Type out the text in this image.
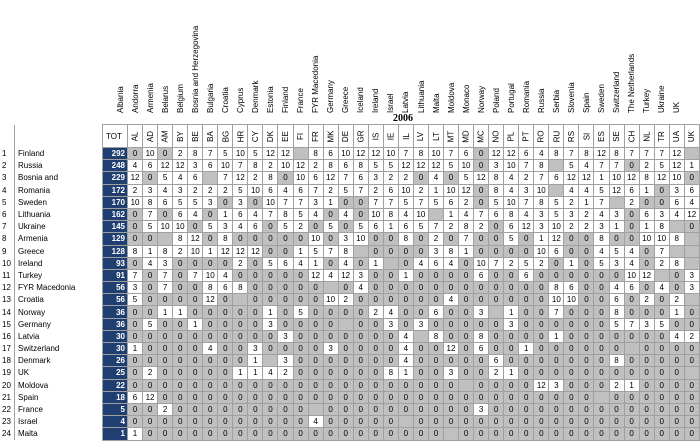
Albania Andorra Armenia Belarus Belgium Bosnia and Herzegovina Bulgaria Croatia Cyprus Denmark Estonia Finland France FYR Macedonia Germany Greece Iceland Ireland Israel Latvia Lithuania Malta Moldova Monaco Norway Poland Portugal Romania Russia Serbia Slovenia Spain Sweden Switzerland The Netherlands Turkey Ukraine UK
2006
		TOT	AL	AD	AM	BY	BE	BA	BG	HR	CY	DK	EE	FI	FR	MK	DE	GR	IS	IE	IL	LV	LT	MT	MD	MC	NO	PL	PT	RO	RU	RS	SI	ES	SE	CH	NL	TR	UA	UK
1	Finland	292	0	10	0	2	8	7	5	10	5	12	12		8	6	10	12	12	10	7	8	10	7	6	0	12	12	6	4	8	7	8	12	8	7	7	7	12	
2	Russia	248	4	6	12	12	3	6	10	7	8	2	10	12	2	8	6	8	5	5	12	12	12	5	10	0	3	10	7	8		5	4	7	7	0	2	5	12	1
3	Bosnia and	229	12	0	5	4	6		7	12	2	8	0	10	6	12	7	6	3	2	2	0	4	0	5	12	8	4	2	7	6	12	12	1	10	12	8	12	10	0
4	Romania	172	2	3	4	3	2	2	2	5	10	6	4	6	7	2	5	7	2	6	10	2	1	10	12	0	8	4	3	10		4	4	5	12	6	1	0	3	6
5	Sweden	170	10	8	6	5	5	3	0	3	0	10	7	7	3	1	0	0	7	7	5	7	5	6	2	0	5	10	7	8	5	2	1	7		2	0	0	6	4
6	Lithuania	162	0	7	0	6	4	0	1	6	4	7	8	5	4	0	4	0	10	8	4	10		1	4	7	6	8	4	3	5	3	2	4	3	0	6	3	4	12
7	Ukraine	145	0	5	10	10	0	5	3	4	6	0	5	2	0	5	0	5	6	1	6	5	7	2	8	2	0	6	12	3	10	2	2	3	1	0	1	8		0
8	Armenia	129	0	0		8	12	0	8	0	0	0	0	0	10	0	3	10	0	0	8	0	2	0	7	0	0	5	0	1	12	0	0	8	0	0	10	10	8	
9	Greece	128	8	1	8	2	10	1	12	12	12	0	0	1	5	7	8		0	0	0	0	3	8	1	0	0	0	0	10	6	0	0	4	5	4	0	7		
10	Ireland	93	0	4	3	0	0	0	0	2	0	5	6	4	1	0	4	0	1		0	4	6	4	0	10	7	2	5	2	0	1	0	5	3	4	0	2	8	
11	Turkey	91	7	0	7	0	7	10	4	0	0	0	0	0	12	4	12	3	0	0	1	0	0	0	0	6	0	0	6	0	0	0	0	0	0	10	12		0	3
12	FYR Macedonia	56	3	0	7	0	0	8	6	8	0	0	0	0	0		0	4	0	0	0	0	0	0	0	0	0	0	0	0	8	6	0	0	4	6	0	4	0	3
13	Croatia	56	5	0	0	0	0	12	0		0	0	0	0	0	10	2	0	0	0	0	0	0	4	0	0	0	0	0	0	10	10	0	0	6	0	2	0	2	
14	Norway	36	0	0	1	1	0	0	0	0	0	1	0	5	0	0	0	0	2	4	0	0	6	0	0	3		1	0	0	7	0	0	0	8	0	0	0	1	0
15	Germany	36	0	5	0	0	1	0	0	0	0	3	0	0	0	0		0	0	3	0	3	0	0	0	0	0	3	0	0	0	0	0	0	5	7	3	5	0	0
16	Latvia	30	0	0	0	0	0	0	0	0	0	0	3	0	0	0	0	0	0	0	4		8	0	0	8	0	0	0	0	1	0	0	0	0	0	0	0	4	2
17	Switzerland	30	1	0	0	0	0	4	0	0	3	0	0	0	0	3	0	0	0	0	4	0	0	12	0	6	0	0	1	0	0	0	0	0	0		0	0	0	0
18	Denmark	26	0	0	0	0	0	0	0	0	1		3	0	0	0	0	0	0	0	4	0	0	0	0	0	6	0	0	0	0	0	0	0	8	0	0	0	0	0
19	UK	25	0	2	0	0	0	0	0	1	1	4	2	0	0	0	0	0	0	8	1	0	0	3	0	0	2	1	0	0	0	0	0	0	0	0	0	0	0	
20	Moldova	22	0	0	0	0	0	0	0	0	0	0	0	0	0	0	0	0	0	0	0	0	0	0		0	0	0	0	12	3	0	0	0	2	1	0	0	0	0
21	Spain	18	6	12	0	0	0	0	0	0	0	0	0	0	0	0	0	0	0	0	0	0	0	0	0	0	0	0	0	0	0	0	0		0	0	0	0	0	0
22	France	5	0	0	2	0	0	0	0	0	0	0	0	0		0	0	0	0	0	0	0	0	0	0	3	0	0	0	0	0	0	0	0	0	0	0	0	0	0
23	Israel	4	0	0	0	0	0	0	0	0	0	0	0	0	4	0	0	0	0	0		0	0	0	0	0	0	0	0	0	0	0	0	0	0	0	0	0	0	0
24	Malta	1	1	0	0	0	0	0	0	0	0	0	0	0	0	0	0	0	0	0	0	0	0		0	0	0	0	0	0	0	0	0	0	0	0	0	0	0	0
